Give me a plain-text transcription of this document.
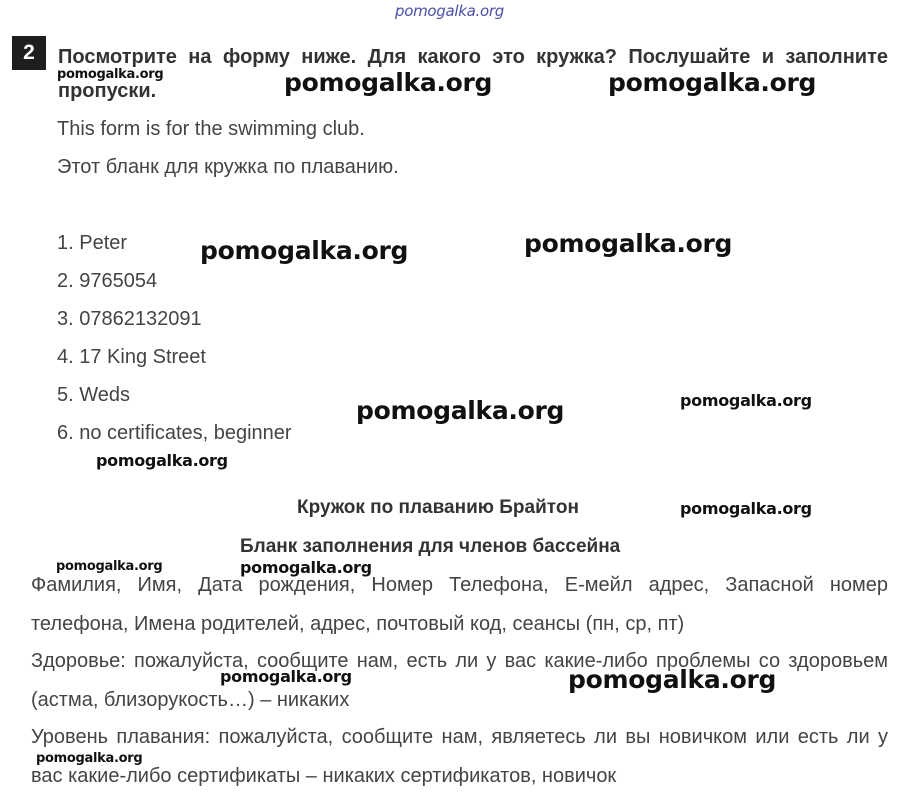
pomogalka.org
2	Посмотрите на форму ниже. Для какого это кружка? Послушайте и заполните пропуски.
This form is for the swimming club.
Этот бланк для кружка по плаванию.
1. Peter
2. 9765054
3. 07862132091
4. 17 King Street
5. Weds
6. no certificates, beginner
Кружок по плаванию Брайтон
Бланк заполнения для членов бассейна
Фамилия, Имя, Дата рождения, Номер Телефона, Е-мейл адрес, Запасной номер телефона, Имена родителей, адрес, почтовый код, сеансы (пн, ср, пт)
Здоровье: пожалуйста, сообщите нам, есть ли у вас какие-либо проблемы со здоровьем (астма, близорукость…) – никаких
Уровень плавания: пожалуйста, сообщите нам, являетесь ли вы новичком или есть ли у вас какие-либо сертификаты – никаких сертификатов, новичок
pomogalka.org	pomogalka.org	pomogalka.org
pomogalka.org	pomogalka.org
pomogalka.org	pomogalka.org
pomogalka.org
pomogalka.org
pomogalka.org	pomogalka.org
pomogalka.org	pomogalka.org
pomogalka.org
